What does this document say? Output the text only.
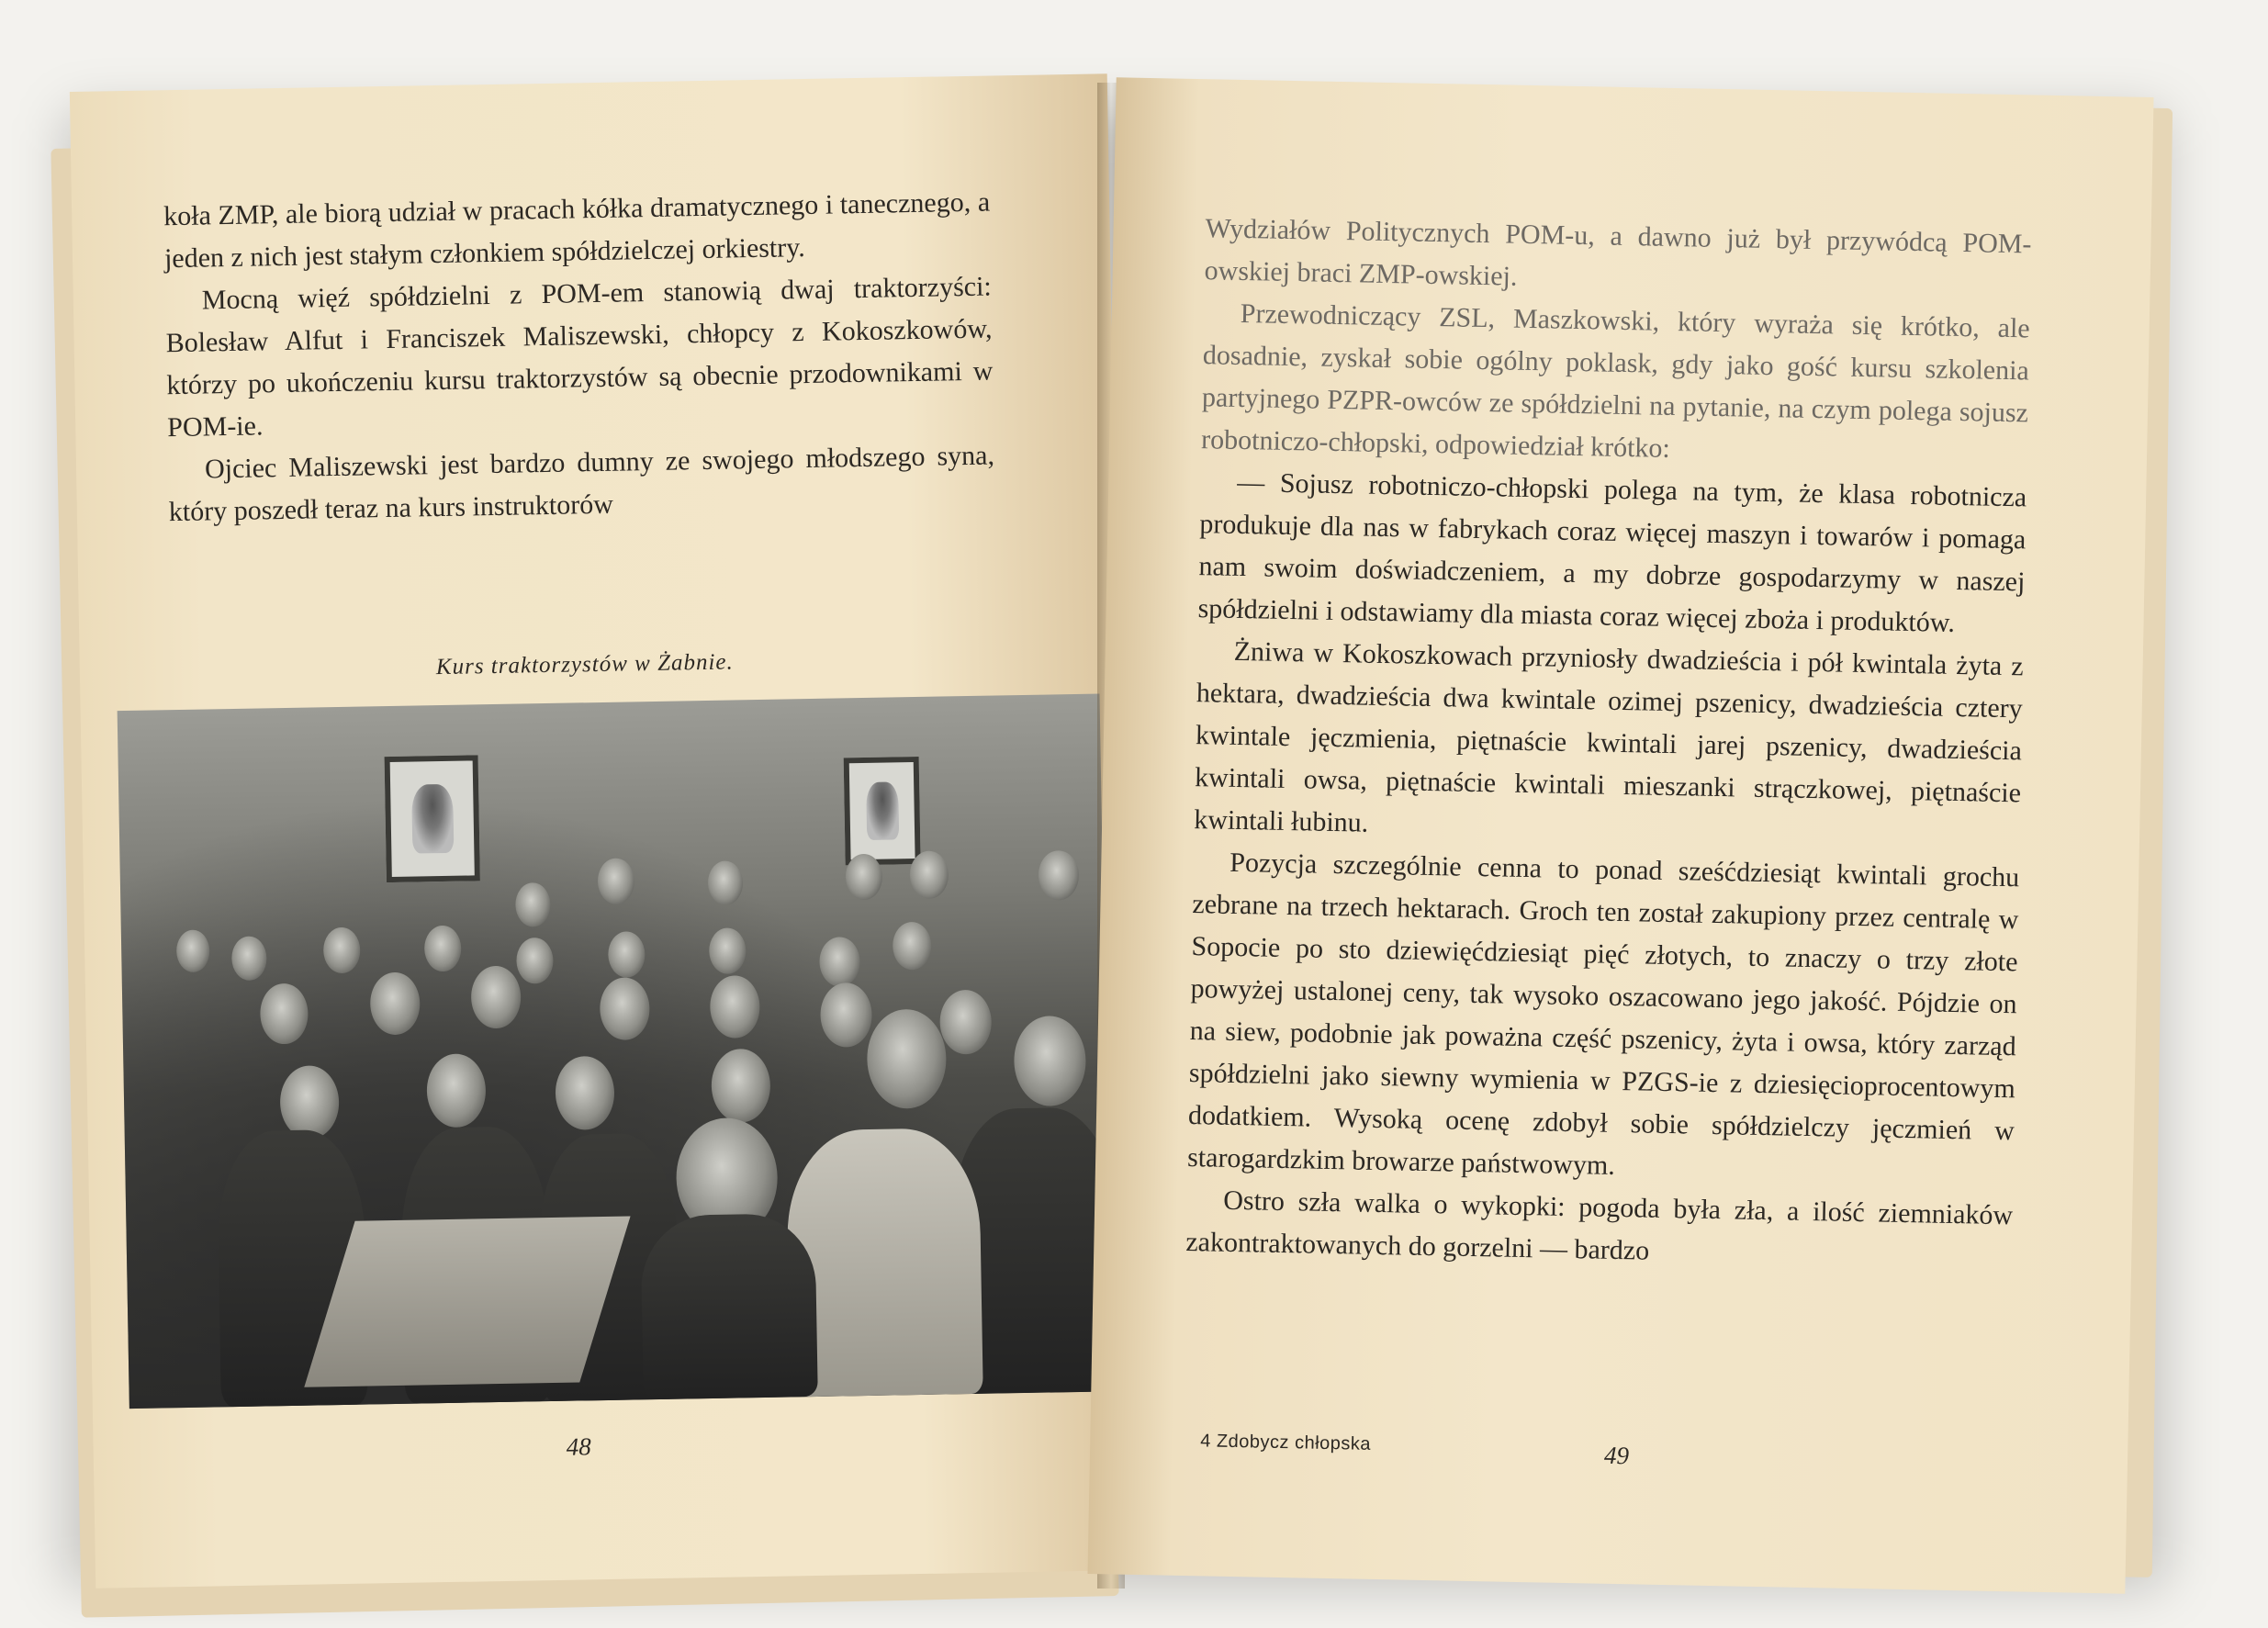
koła ZMP, ale biorą udział w pracach kółka dramatycznego i tanecznego, a jeden z nich jest stałym członkiem spółdzielczej orkiestry.

Mocną więź spółdzielni z POM-em stanowią dwaj traktorzyści: Bolesław Alfut i Franciszek Maliszewski, chłopcy z Kokoszkowów, którzy po ukończeniu kursu traktorzystów są obecnie przodownikami w POM-ie.

Ojciec Maliszewski jest bardzo dumny ze swojego młodszego syna, który poszedł teraz na kurs instruktorów

Kurs traktorzystów w Żabnie.
48

Wydziałów Politycznych POM-u, a dawno już był przywódcą POM-owskiej braci ZMP-owskiej.

Przewodniczący ZSL, Maszkowski, który wyraża się krótko, ale dosadnie, zyskał sobie ogólny poklask, gdy jako gość kursu szkolenia partyjnego PZPR-owców ze spółdzielni na pytanie, na czym polega sojusz robotniczo-chłopski, odpowiedział krótko:

— Sojusz robotniczo-chłopski polega na tym, że klasa robotnicza produkuje dla nas w fabrykach coraz więcej maszyn i towarów i pomaga nam swoim doświadczeniem, a my dobrze gospodarzymy w naszej spółdzielni i odstawiamy dla miasta coraz więcej zboża i produktów.

Żniwa w Kokoszkowach przyniosły dwadzieścia i pół kwintala żyta z hektara, dwadzieścia dwa kwintale ozimej pszenicy, dwadzieścia cztery kwintale jęczmienia, piętnaście kwintali jarej pszenicy, dwadzieścia kwintali owsa, piętnaście kwintali mieszanki strączkowej, piętnaście kwintali łubinu.

Pozycja szczególnie cenna to ponad sześćdziesiąt kwintali grochu zebrane na trzech hektarach. Groch ten został zakupiony przez centralę w Sopocie po sto dziewięćdziesiąt pięć złotych, to znaczy o trzy złote powyżej ustalonej ceny, tak wysoko oszacowano jego jakość. Pójdzie on na siew, podobnie jak poważna część pszenicy, żyta i owsa, który zarząd spółdzielni jako siewny wymienia w PZGS-ie z dziesięcioprocentowym dodatkiem. Wysoką ocenę zdobył sobie spółdzielczy jęczmień w starogardzkim browarze państwowym.

Ostro szła walka o wykopki: pogoda była zła, a ilość ziemniaków zakontraktowanych do gorzelni — bardzo

4 Zdobycz chłopska	49
